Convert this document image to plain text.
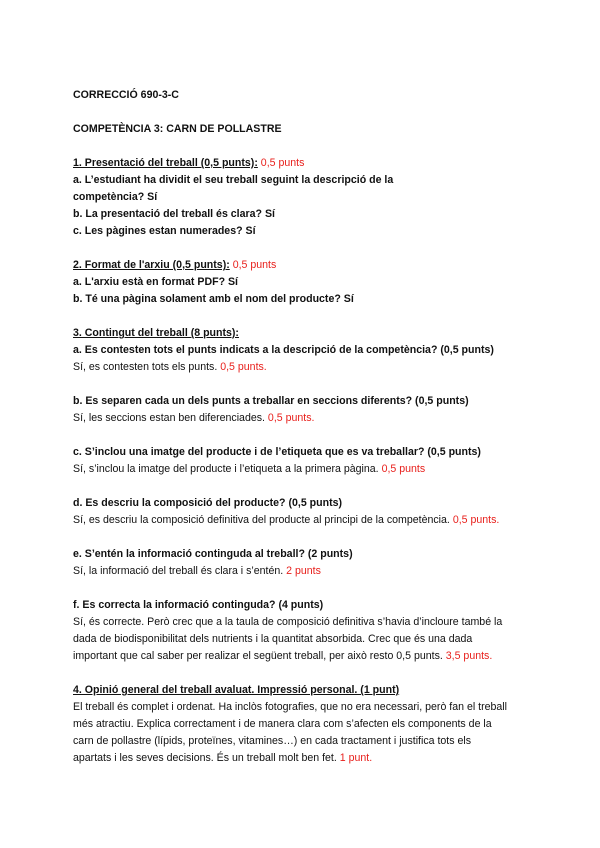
CORRECCIÓ 690-3-C
COMPETÈNCIA 3: CARN DE POLLASTRE
1. Presentació del treball (0,5 punts): 0,5 punts
a. L’estudiant ha dividit el seu treball seguint la descripció de la
competència? Sí
b. La presentació del treball és clara? Sí
c. Les pàgines estan numerades? Sí
2. Format de l'arxiu (0,5 punts): 0,5 punts
a. L'arxiu està en format PDF? Sí
b. Té una pàgina solament amb el nom del producte? Sí
3. Contingut del treball (8 punts):
a. Es contesten tots el punts indicats a la descripció de la competència? (0,5 punts)
Sí, es contesten tots els punts. 0,5 punts.
b. Es separen cada un dels punts a treballar en seccions diferents? (0,5 punts)
Sí, les seccions estan ben diferenciades. 0,5 punts.
c. S’inclou una imatge del producte i de l’etiqueta que es va treballar? (0,5 punts)
Sí, s’inclou la imatge del producte i l’etiqueta a la primera pàgina. 0,5 punts
d. Es descriu la composició del producte? (0,5 punts)
Sí, es descriu la composició definitiva del producte al principi de la competència. 0,5 punts.
e. S’entén la informació continguda al treball? (2 punts)
Sí, la informació del treball és clara i s’entén. 2 punts
f. Es correcta la informació continguda? (4 punts)
Sí, és correcte. Però crec que a la taula de composició definitiva s’havia d’incloure també la
dada de biodisponibilitat dels nutrients i la quantitat absorbida. Crec que és una dada
important que cal saber per realizar el següent treball, per això resto 0,5 punts. 3,5 punts.
4. Opinió general del treball avaluat. Impressió personal. (1 punt)
El treball és complet i ordenat. Ha inclòs fotografies, que no era necessari, però fan el treball
més atractiu. Explica correctament i de manera clara com s’afecten els components de la
carn de pollastre (lípids, proteïnes, vitamines…) en cada tractament i justifica tots els
apartats i les seves decisions. És un treball molt ben fet. 1 punt.
